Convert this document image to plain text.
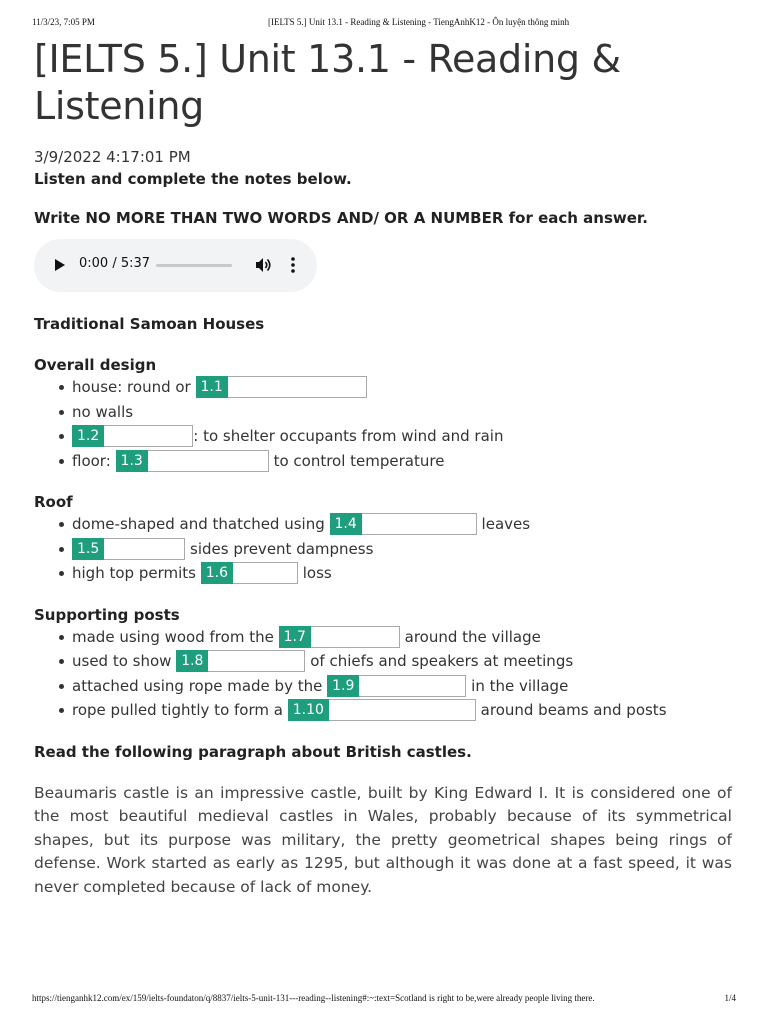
11/3/23, 7:05 PM	[IELTS 5.] Unit 13.1 - Reading & Listening - TiengAnhK12 - Ôn luyện thông minh
[IELTS 5.] Unit 13.1 - Reading & Listening
3/9/2022 4:17:01 PM
Listen and complete the notes below.
Write NO MORE THAN TWO WORDS AND/ OR A NUMBER for each answer.
0:00 / 5:37
Traditional Samoan Houses
Overall design
house: round or 1.1
no walls
1.2	: to shelter occupants from wind and rain
floor: 1.3	to control temperature
Roof
dome-shaped and thatched using 1.4	leaves
1.5	sides prevent dampness
high top permits 1.6	loss
Supporting posts
made using wood from the 1.7	around the village
used to show 1.8	of chiefs and speakers at meetings
attached using rope made by the 1.9	in the village
rope pulled tightly to form a 1.10	around beams and posts
Read the following paragraph about British castles.
Beaumaris castle is an impressive castle, built by King Edward I. It is considered one of the most beautiful medieval castles in Wales, probably because of its symmetrical shapes, but its purpose was military, the pretty geometrical shapes being rings of defense. Work started as early as 1295, but although it was done at a fast speed, it was never completed because of lack of money.
https://tienganhk12.com/ex/159/ielts-foundaton/q/8837/ielts-5-unit-131---reading--listening#:~:text=Scotland is right to be,were already people living there.	1/4
